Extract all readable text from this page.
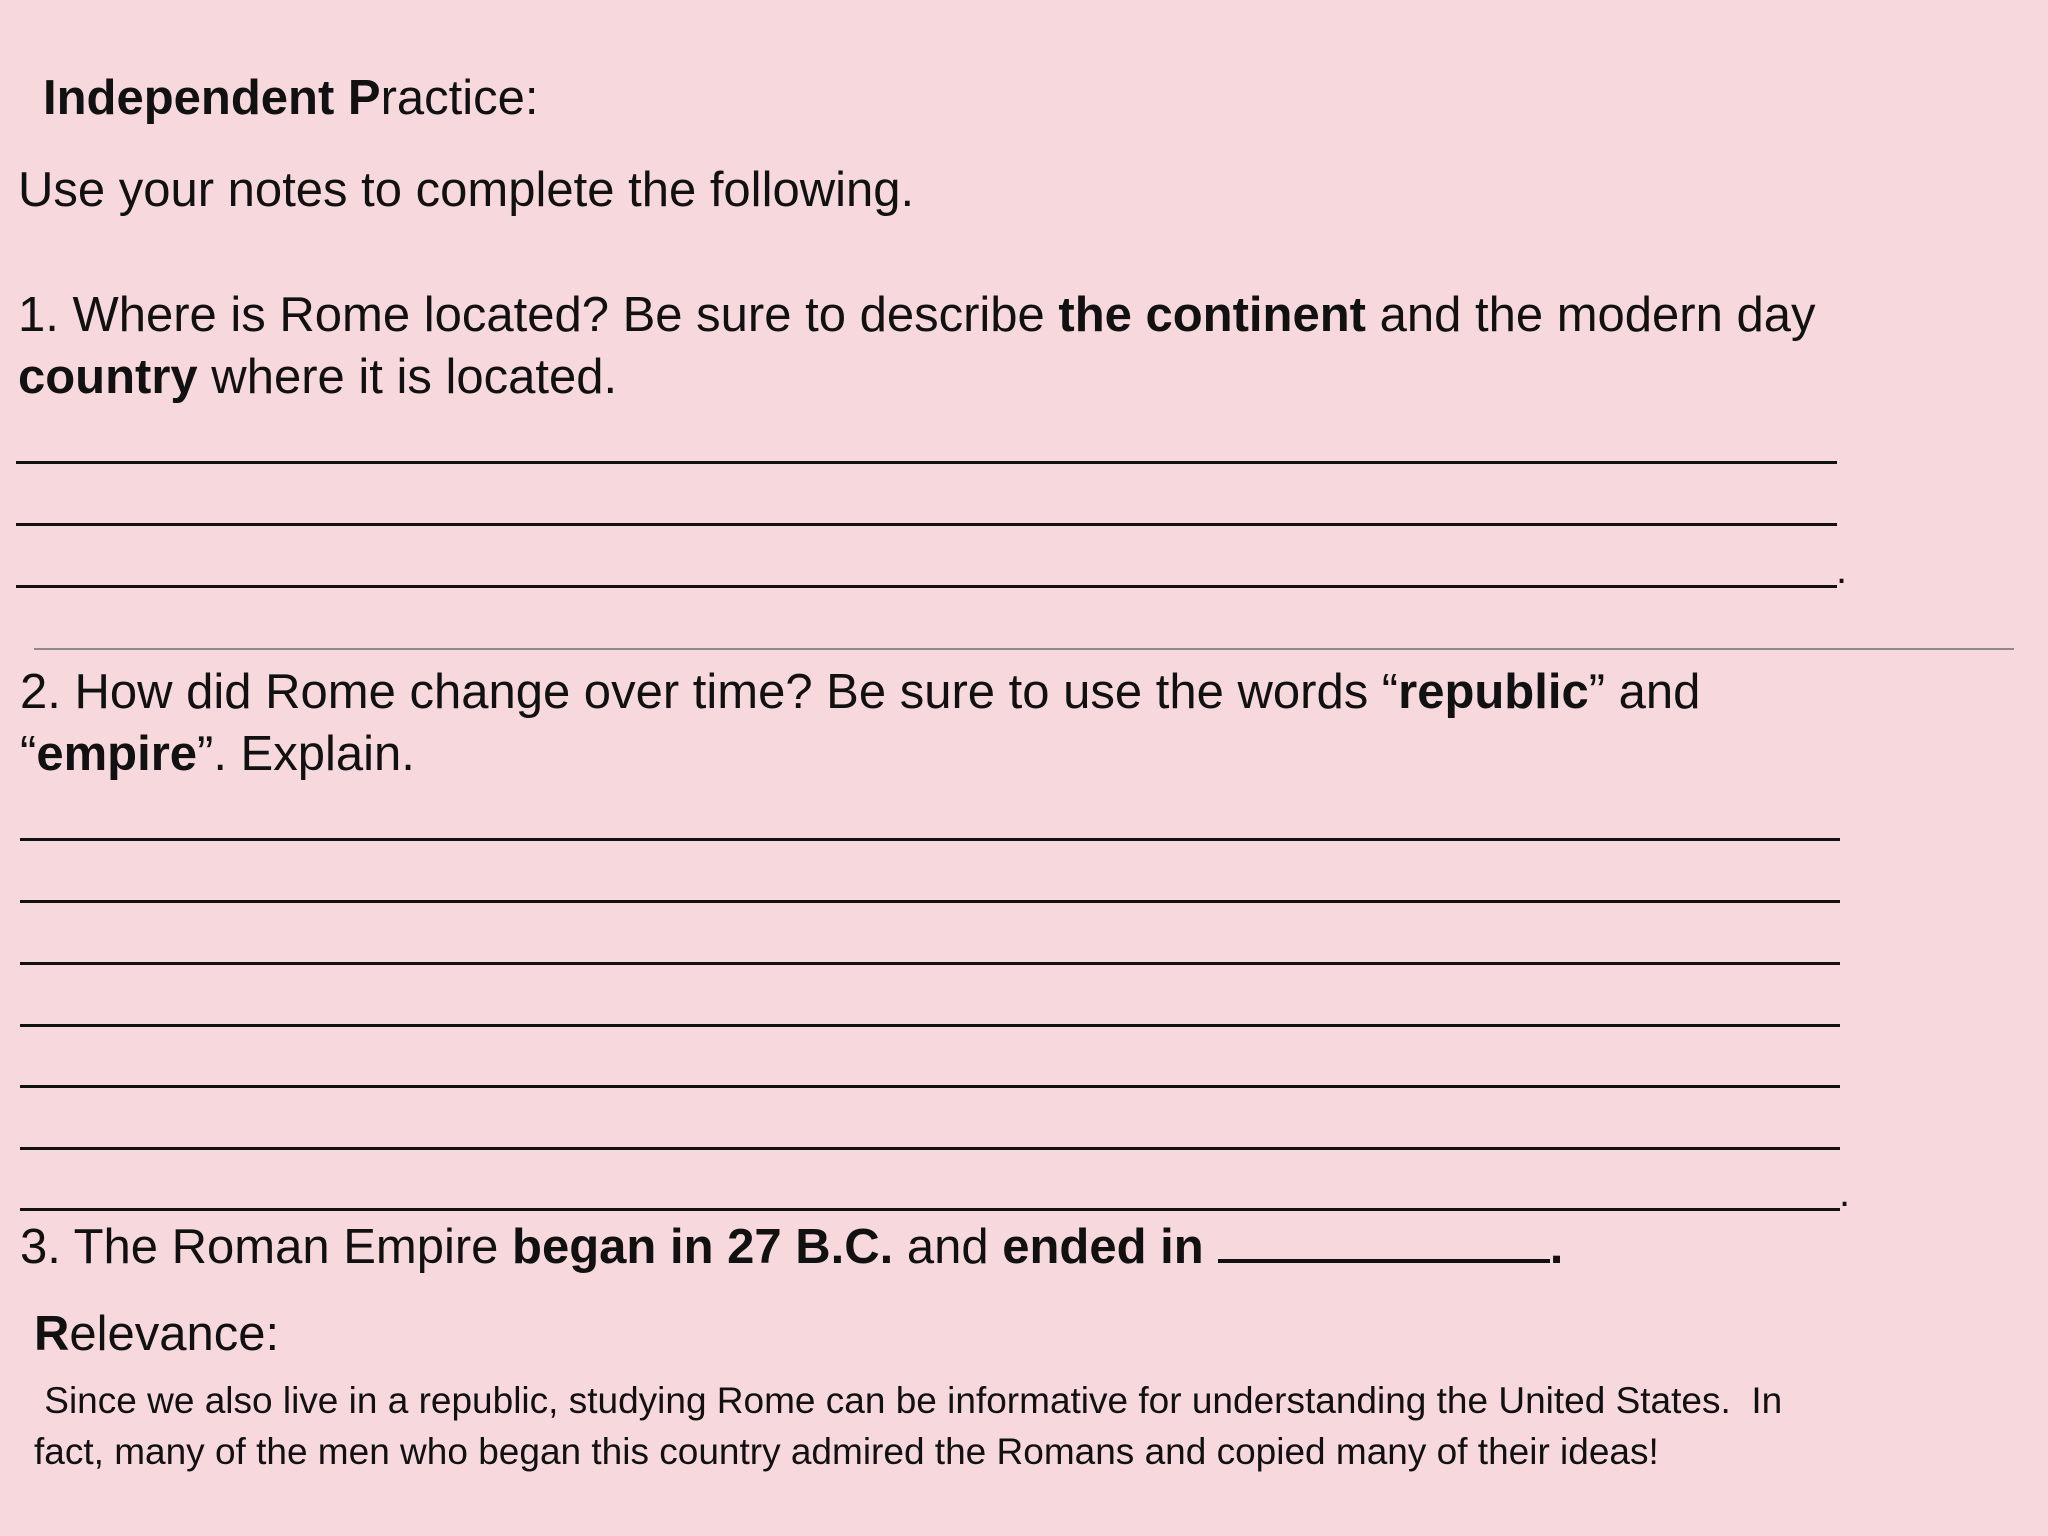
Independent Practice:
Use your notes to complete the following.
1. Where is Rome located? Be sure to describe the continent and the modern day
country where it is located.
.
2. How did Rome change over time? Be sure to use the words “republic” and
“empire”. Explain.
.
3. The Roman Empire began in 27 B.C. and ended in	.
Relevance:
Since we also live in a republic, studying Rome can be informative for understanding the United States.  In
fact, many of the men who began this country admired the Romans and copied many of their ideas!
